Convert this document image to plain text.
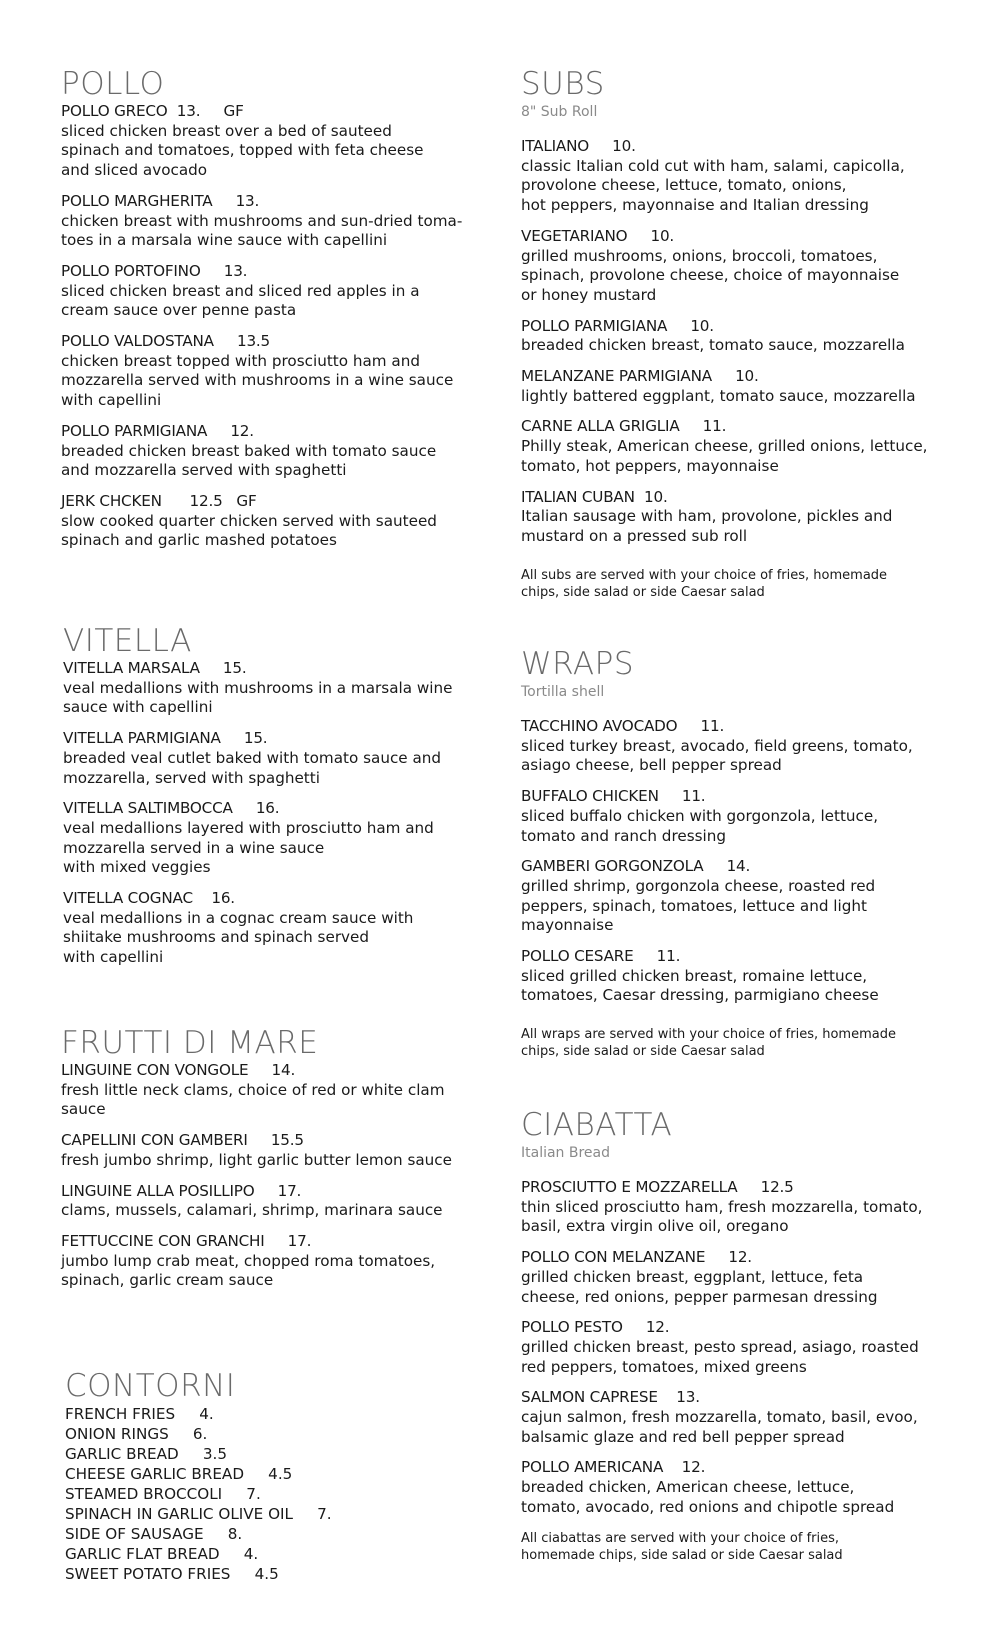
POLLO
POLLO GRECO  13.     GF
sliced chicken breast over a bed of sauteed
spinach and tomatoes, topped with feta cheese
and sliced avocado
POLLO MARGHERITA     13.
chicken breast with mushrooms and sun-dried toma-
toes in a marsala wine sauce with capellini
POLLO PORTOFINO     13.
sliced chicken breast and sliced red apples in a
cream sauce over penne pasta
POLLO VALDOSTANA     13.5
chicken breast topped with prosciutto ham and
mozzarella served with mushrooms in a wine sauce
with capellini
POLLO PARMIGIANA     12.
breaded chicken breast baked with tomato sauce
and mozzarella served with spaghetti
JERK CHCKEN      12.5   GF
slow cooked quarter chicken served with sauteed
spinach and garlic mashed potatoes
VITELLA
VITELLA MARSALA     15.
veal medallions with mushrooms in a marsala wine
sauce with capellini
VITELLA PARMIGIANA     15.
breaded veal cutlet baked with tomato sauce and
mozzarella, served with spaghetti
VITELLA SALTIMBOCCA     16.
veal medallions layered with prosciutto ham and
mozzarella served in a wine sauce
with mixed veggies
VITELLA COGNAC    16.
veal medallions in a cognac cream sauce with
shiitake mushrooms and spinach served
with capellini
FRUTTI DI MARE
LINGUINE CON VONGOLE     14.
fresh little neck clams, choice of red or white clam
sauce
CAPELLINI CON GAMBERI     15.5
fresh jumbo shrimp, light garlic butter lemon sauce
LINGUINE ALLA POSILLIPO     17.
clams, mussels, calamari, shrimp, marinara sauce
FETTUCCINE CON GRANCHI     17.
jumbo lump crab meat, chopped roma tomatoes,
spinach, garlic cream sauce
CONTORNI
FRENCH FRIES     4.
ONION RINGS     6.
GARLIC BREAD     3.5
CHEESE GARLIC BREAD     4.5
STEAMED BROCCOLI     7.
SPINACH IN GARLIC OLIVE OIL     7.
SIDE OF SAUSAGE     8.
GARLIC FLAT BREAD     4.
SWEET POTATO FRIES     4.5
SUBS
8" Sub Roll
ITALIANO     10.
classic Italian cold cut with ham, salami, capicolla,
provolone cheese, lettuce, tomato, onions,
hot peppers, mayonnaise and Italian dressing
VEGETARIANO     10.
grilled mushrooms, onions, broccoli, tomatoes,
spinach, provolone cheese, choice of mayonnaise
or honey mustard
POLLO PARMIGIANA     10.
breaded chicken breast, tomato sauce, mozzarella
MELANZANE PARMIGIANA     10.
lightly battered eggplant, tomato sauce, mozzarella
CARNE ALLA GRIGLIA     11.
Philly steak, American cheese, grilled onions, lettuce,
tomato, hot peppers, mayonnaise
ITALIAN CUBAN  10.
Italian sausage with ham, provolone, pickles and
mustard on a pressed sub roll
All subs are served with your choice of fries, homemade
chips, side salad or side Caesar salad
WRAPS
Tortilla shell
TACCHINO AVOCADO     11.
sliced turkey breast, avocado, field greens, tomato,
asiago cheese, bell pepper spread
BUFFALO CHICKEN     11.
sliced buffalo chicken with gorgonzola, lettuce,
tomato and ranch dressing
GAMBERI GORGONZOLA     14.
grilled shrimp, gorgonzola cheese, roasted red
peppers, spinach, tomatoes, lettuce and light
mayonnaise
POLLO CESARE     11.
sliced grilled chicken breast, romaine lettuce,
tomatoes, Caesar dressing, parmigiano cheese
All wraps are served with your choice of fries, homemade
chips, side salad or side Caesar salad
CIABATTA
Italian Bread
PROSCIUTTO E MOZZARELLA     12.5
thin sliced prosciutto ham, fresh mozzarella, tomato,
basil, extra virgin olive oil, oregano
POLLO CON MELANZANE     12.
grilled chicken breast, eggplant, lettuce, feta
cheese, red onions, pepper parmesan dressing
POLLO PESTO     12.
grilled chicken breast, pesto spread, asiago, roasted
red peppers, tomatoes, mixed greens
SALMON CAPRESE    13.
cajun salmon, fresh mozzarella, tomato, basil, evoo,
balsamic glaze and red bell pepper spread
POLLO AMERICANA    12.
breaded chicken, American cheese, lettuce,
tomato, avocado, red onions and chipotle spread
All ciabattas are served with your choice of fries,
homemade chips, side salad or side Caesar salad
